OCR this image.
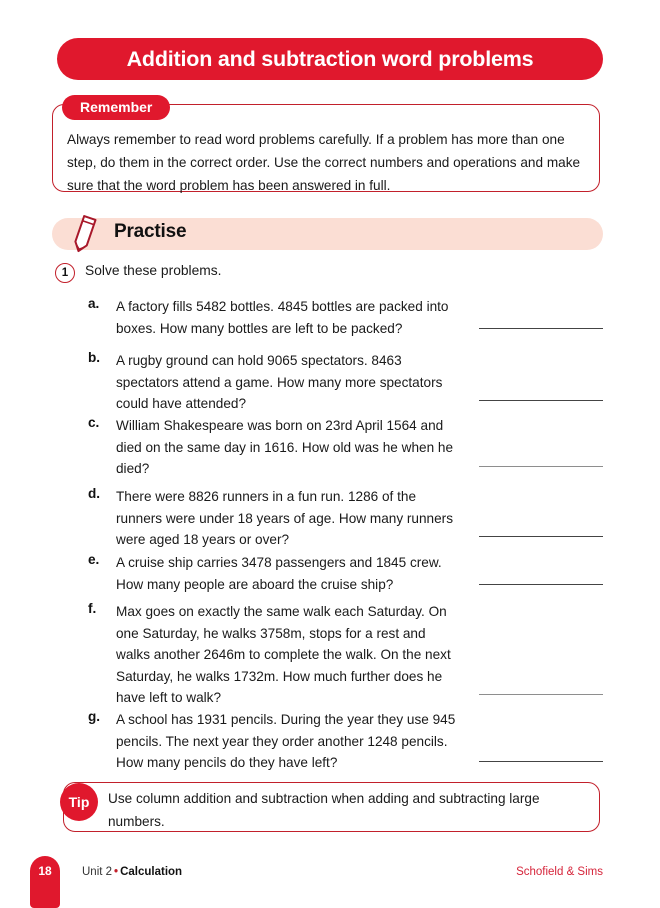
Addition and subtraction word problems
Remember
Always remember to read word problems carefully. If a problem has more than one step, do them in the correct order. Use the correct numbers and operations and make sure that the word problem has been answered in full.
Practise
1	Solve these problems.
a.	A factory fills 5482 bottles. 4845 bottles are packed into boxes. How many bottles are left to be packed?
b.	A rugby ground can hold 9065 spectators. 8463 spectators attend a game. How many more spectators could have attended?
c.	William Shakespeare was born on 23rd April 1564 and died on the same day in 1616. How old was he when he died?
d.	There were 8826 runners in a fun run. 1286 of the runners were under 18 years of age. How many runners were aged 18 years or over?
e.	A cruise ship carries 3478 passengers and 1845 crew. How many people are aboard the cruise ship?
f.	Max goes on exactly the same walk each Saturday. On one Saturday, he walks 3758m, stops for a rest and walks another 2646m to complete the walk. On the next Saturday, he walks 1732m. How much further does he have left to walk?
g.	A school has 1931 pencils. During the year they use 945 pencils. The next year they order another 1248 pencils. How many pencils do they have left?
Tip	Use column addition and subtraction when adding and subtracting large numbers.
18	Unit 2 • Calculation	Schofield & Sims
